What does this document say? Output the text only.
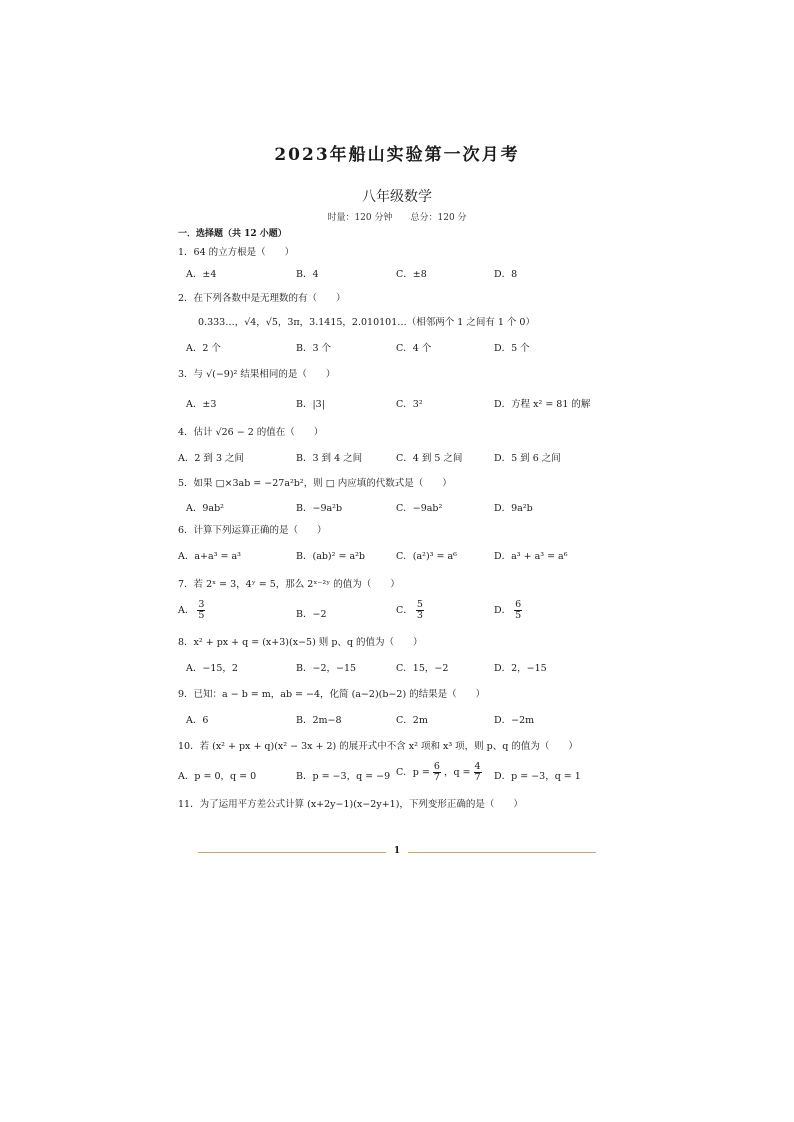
2023年船山实验第一次月考
八年级数学
时量：120 分钟　　总分：120 分
一．选择题（共 12 小题）
1．64 的立方根是（　　）
A．±4	B．4	C．±8	D．8
2．在下列各数中是无理数的有（　　）
0.333…，√4，√5，3π，3.1415，2.010101…（相邻两个 1 之间有 1 个 0）
A．2 个	B．3 个	C．4 个	D．5 个
3．与 √(−9)² 结果相同的是（　　）
A．±3	B．|3|	C．3²	D．方程 x² = 81 的解
4．估计 √26 − 2 的值在（　　）
A．2 到 3 之间	B．3 到 4 之间	C．4 到 5 之间	D．5 到 6 之间
5．如果 □×3ab = −27a²b²，则 □ 内应填的代数式是（　　）
A．9ab²	B．−9a²b	C．−9ab²	D．9a²b
6．计算下列运算正确的是（　　）
A．a+a³ = a³	B．(ab)² = a²b	C．(a²)³ = a⁶	D．a³ + a³ = a⁶
7．若 2ˣ = 3，4ʸ = 5，那么 2ˣ⁻²ʸ 的值为（　　）
A． $\frac{3}{5}$	B．−2	C． $\frac{5}{3}$	D． $\frac{6}{5}$
8．x² + px + q = (x+3)(x−5) 则 p、q 的值为（　　）
A．−15，2	B．−2，−15	C．15，−2	D．2，−15
9．已知：a − b = m，ab = −4，化简 (a−2)(b−2) 的结果是（　　）
A．6	B．2m−8	C．2m	D．−2m
10．若 (x² + px + q)(x² − 3x + 2) 的展开式中不含 x² 项和 x³ 项，则 p、q 的值为（　　）
A．p = 0，q = 0	B．p = −3，q = −9 C．$p = \frac{6}{7}$ ，$q = \frac{4}{7}$ D．p = −3，q = 1
11．为了运用平方差公式计算 (x+2y−1)(x−2y+1)，下列变形正确的是（　　）
1
